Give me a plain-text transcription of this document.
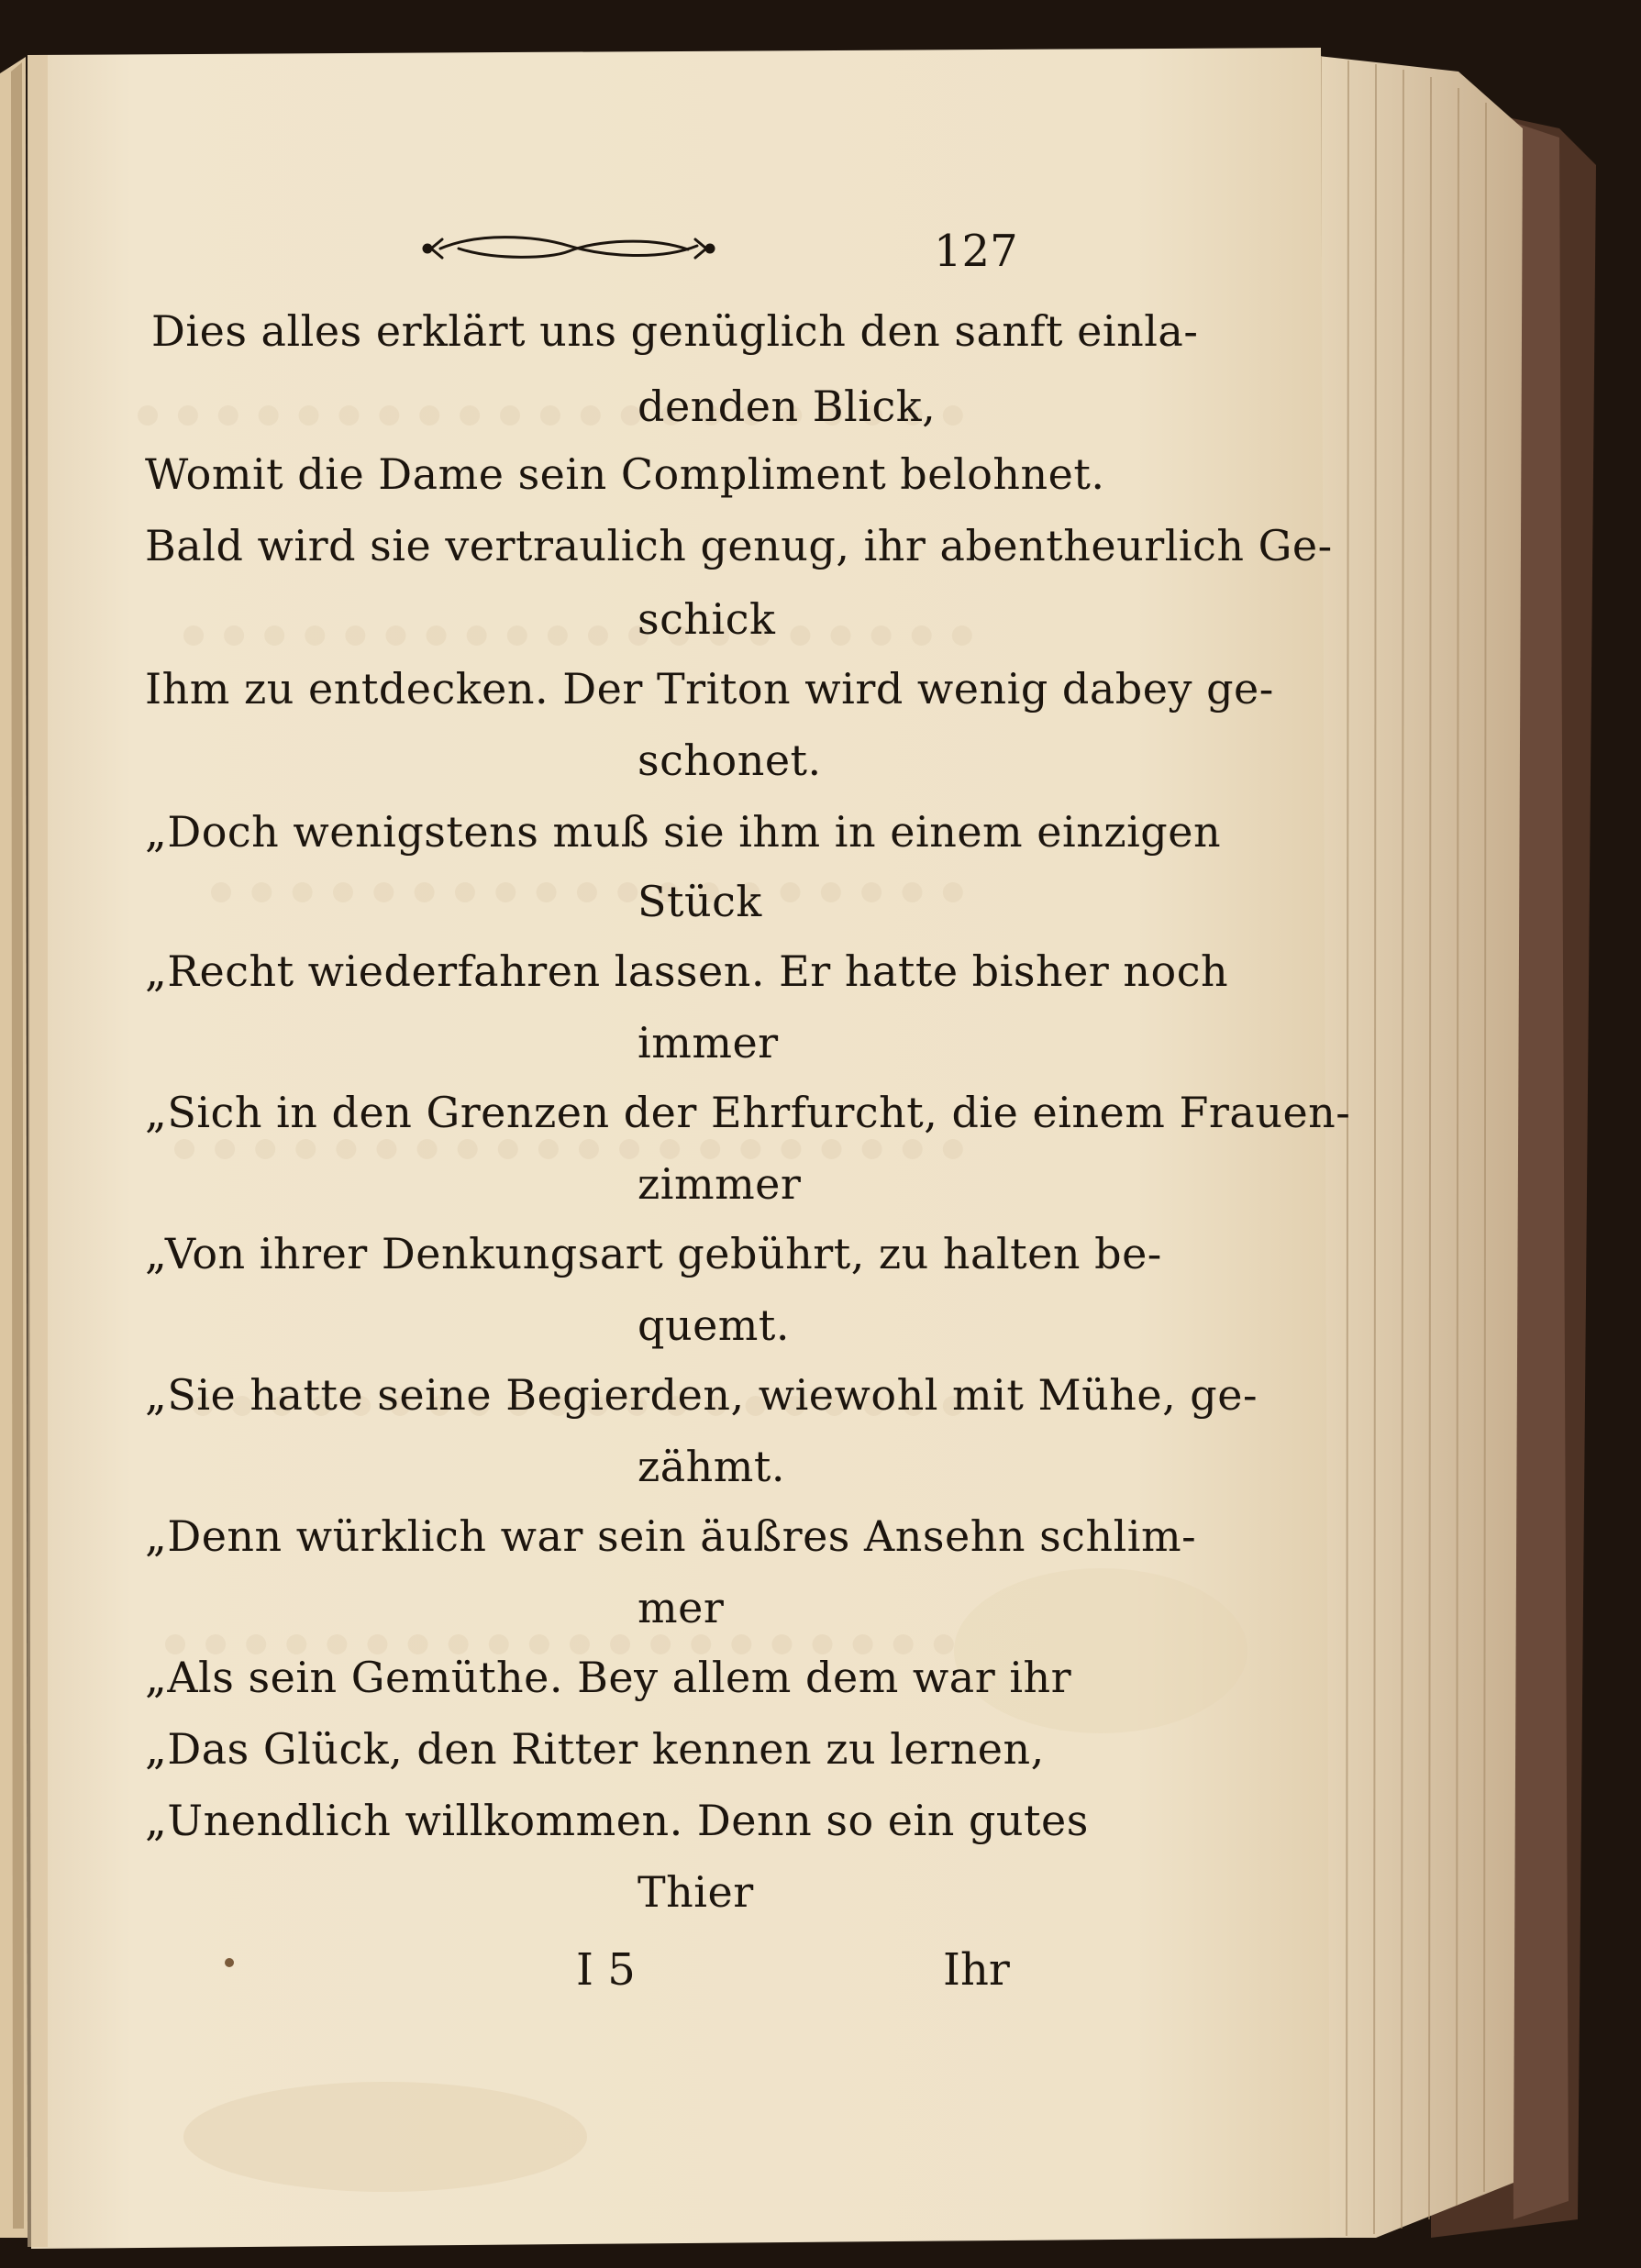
127
Dies alles erklärt uns genüglich den sanft einla-
denden Blick,
Womit die Dame sein Compliment belohnet.
Bald wird sie vertraulich genug, ihr abentheurlich Ge-
schick
Ihm zu entdecken. Der Triton wird wenig dabey ge-
schonet.
„Doch wenigstens muß sie ihm in einem einzigen
Stück
„Recht wiederfahren lassen. Er hatte bisher noch
immer
„Sich in den Grenzen der Ehrfurcht, die einem Frauen-
zimmer
„Von ihrer Denkungsart gebührt, zu halten be-
quemt.
„Sie hatte seine Begierden, wiewohl mit Mühe, ge-
zähmt.
„Denn würklich war sein äußres Ansehn schlim-
mer
„Als sein Gemüthe. Bey allem dem war ihr
„Das Glück, den Ritter kennen zu lernen,
„Unendlich willkommen. Denn so ein gutes
Thier
I 5	Ihr
